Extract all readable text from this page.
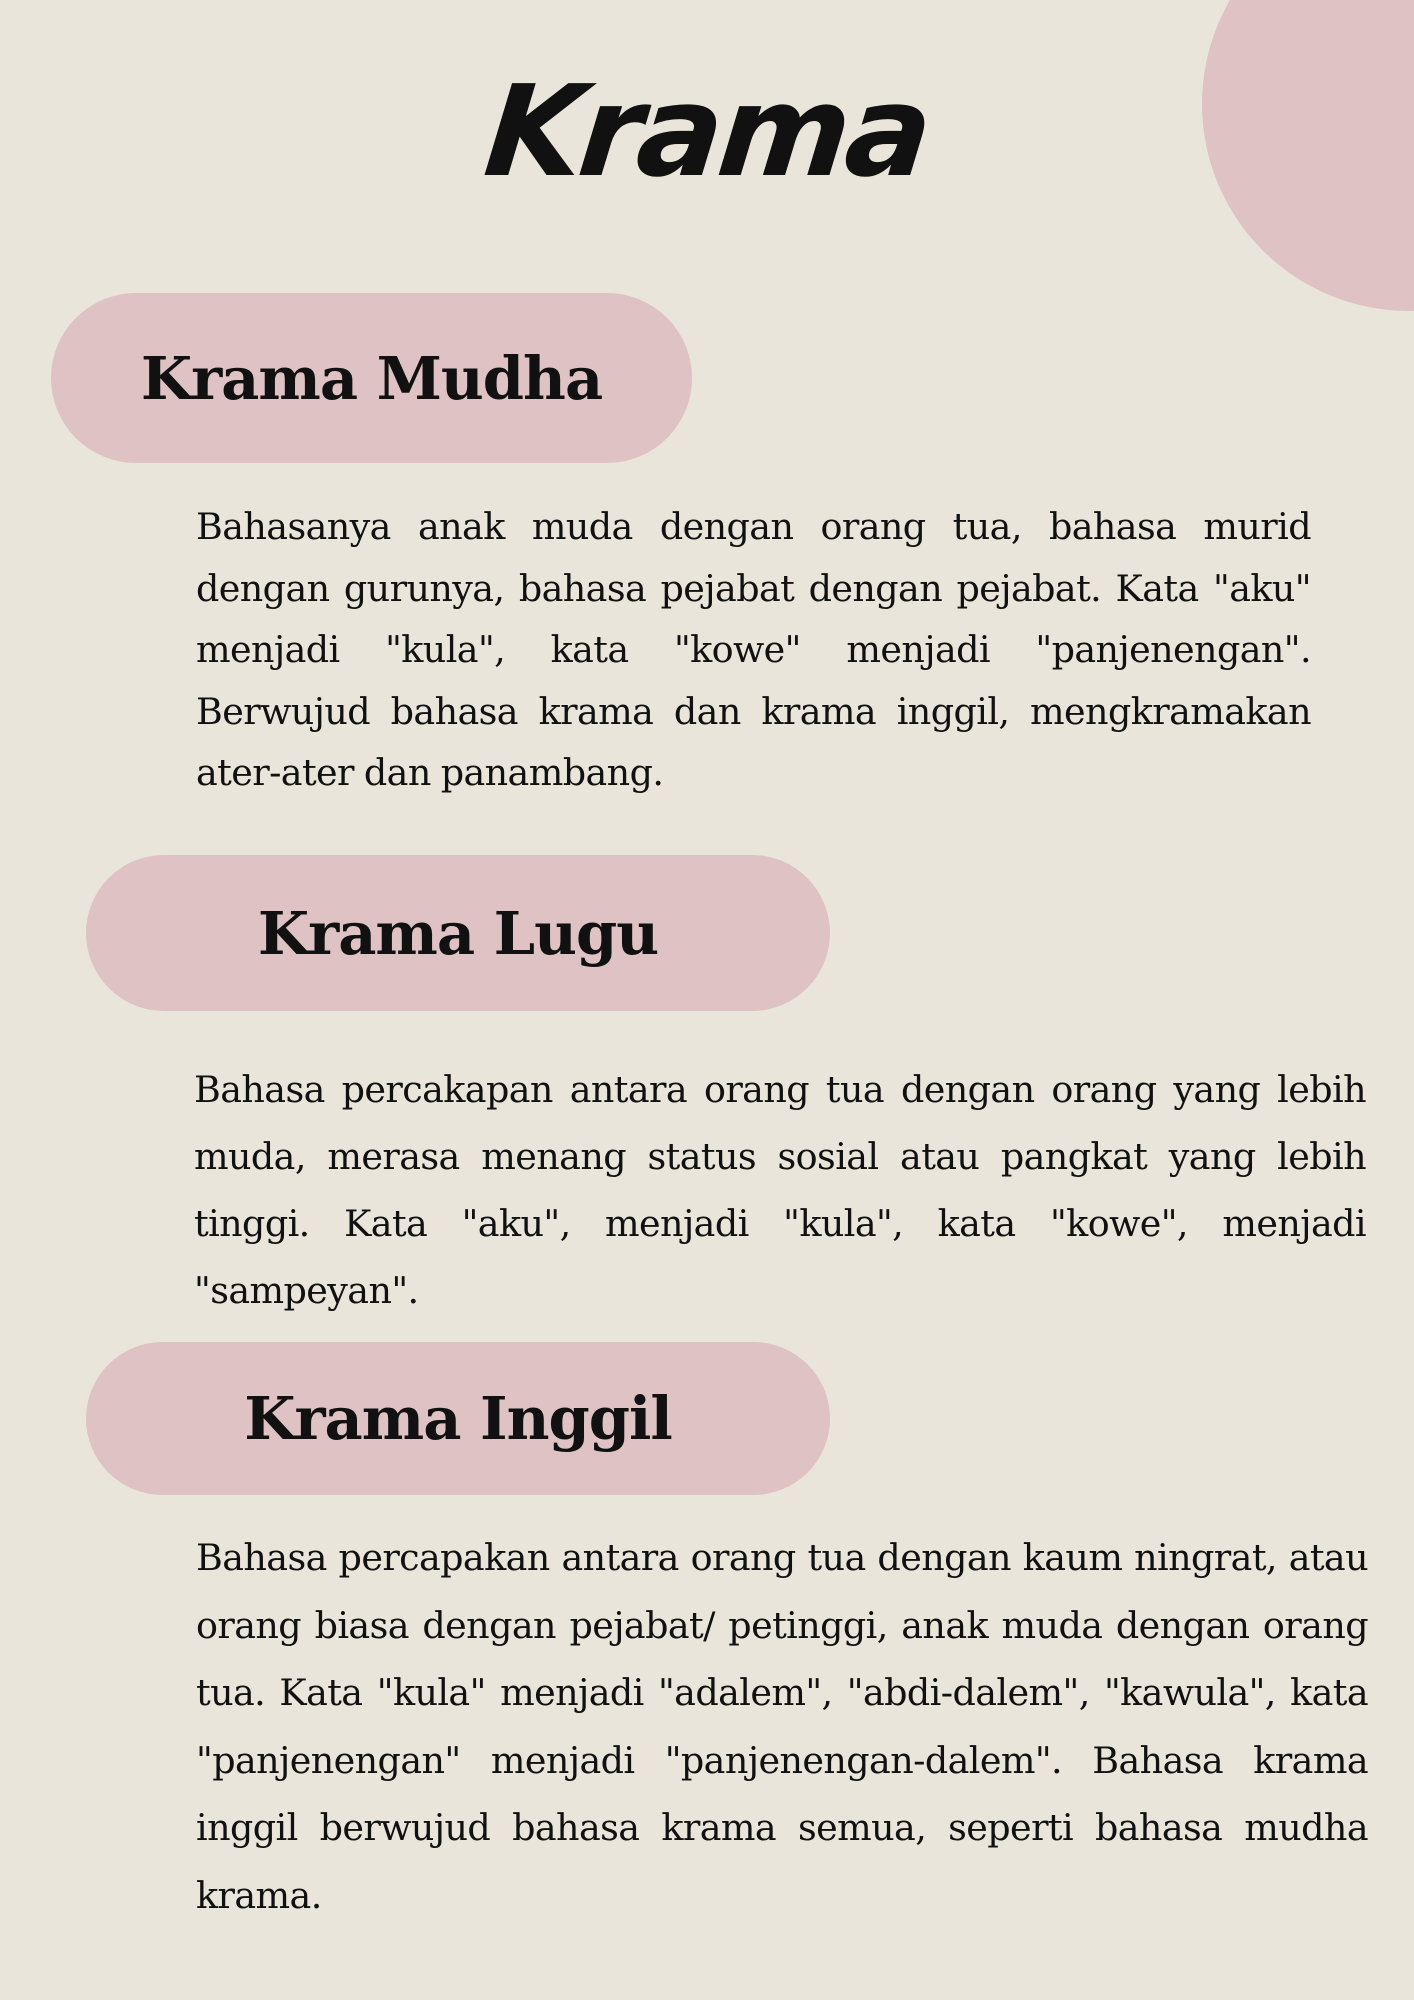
Krama
Krama Mudha

Bahasanya anak muda dengan orang tua, bahasa murid dengan gurunya, bahasa pejabat dengan pejabat. Kata "aku" menjadi "kula", kata "kowe" menjadi "panjenengan". Berwujud bahasa krama dan krama inggil, mengkramakan ater-ater dan panambang.

Krama Lugu

Bahasa percakapan antara orang tua dengan orang yang lebih muda, merasa menang status sosial atau pangkat yang lebih tinggi. Kata "aku", menjadi "kula", kata "kowe", menjadi "sampeyan".

Krama Inggil

Bahasa percapakan antara orang tua dengan kaum ningrat, atau orang biasa dengan pejabat/ petinggi, anak muda dengan orang tua. Kata "kula" menjadi "adalem", "abdi-dalem", "kawula", kata "panjenengan" menjadi "panjenengan-dalem". Bahasa krama inggil berwujud bahasa krama semua, seperti bahasa mudha krama.
